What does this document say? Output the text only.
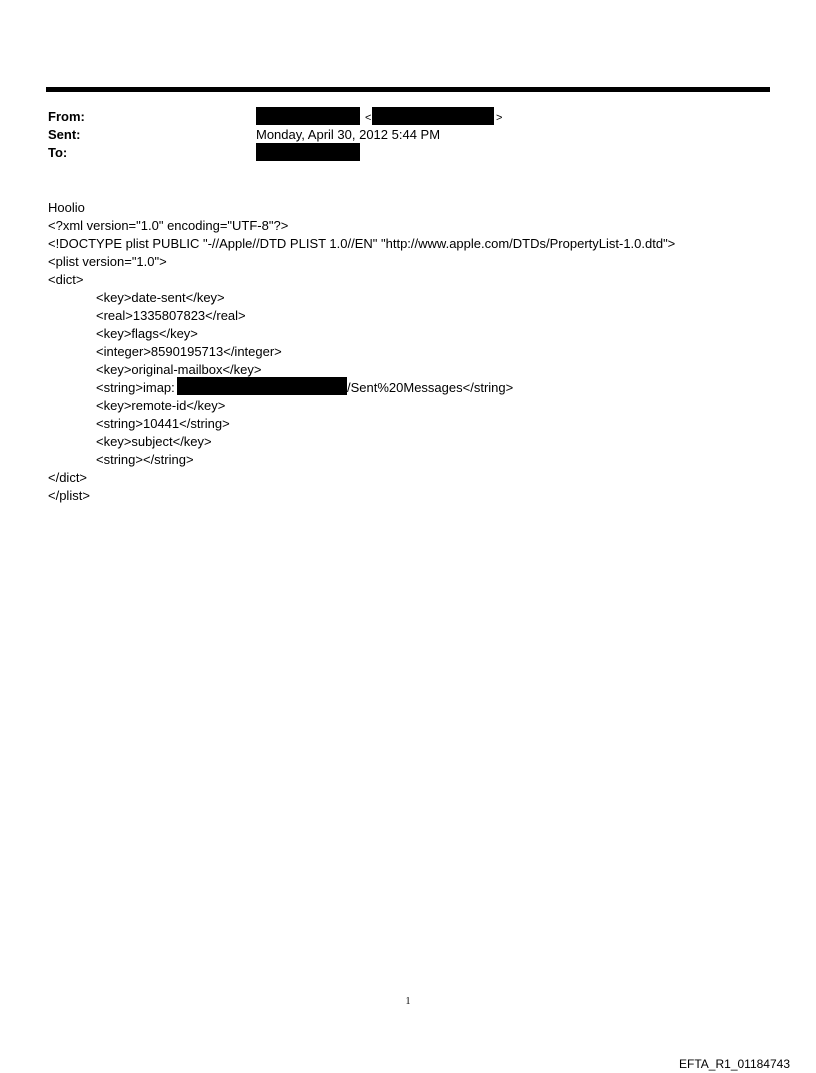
From:
Sent:
To:
<	>
Monday, April 30, 2012 5:44 PM
Hoolio
<?xml version="1.0" encoding="UTF-8"?>
<!DOCTYPE plist PUBLIC "-//Apple//DTD PLIST 1.0//EN" "http://www.apple.com/DTDs/PropertyList-1.0.dtd">
<plist version="1.0">
<dict>
<key>date-sent</key>
<real>1335807823</real>
<key>flags</key>
<integer>8590195713</integer>
<key>original-mailbox</key>
<string>imap:	/Sent%20Messages</string>
<key>remote-id</key>
<string>10441</string>
<key>subject</key>
<string></string>
</dict>
</plist>
1
EFTA_R1_01184743
